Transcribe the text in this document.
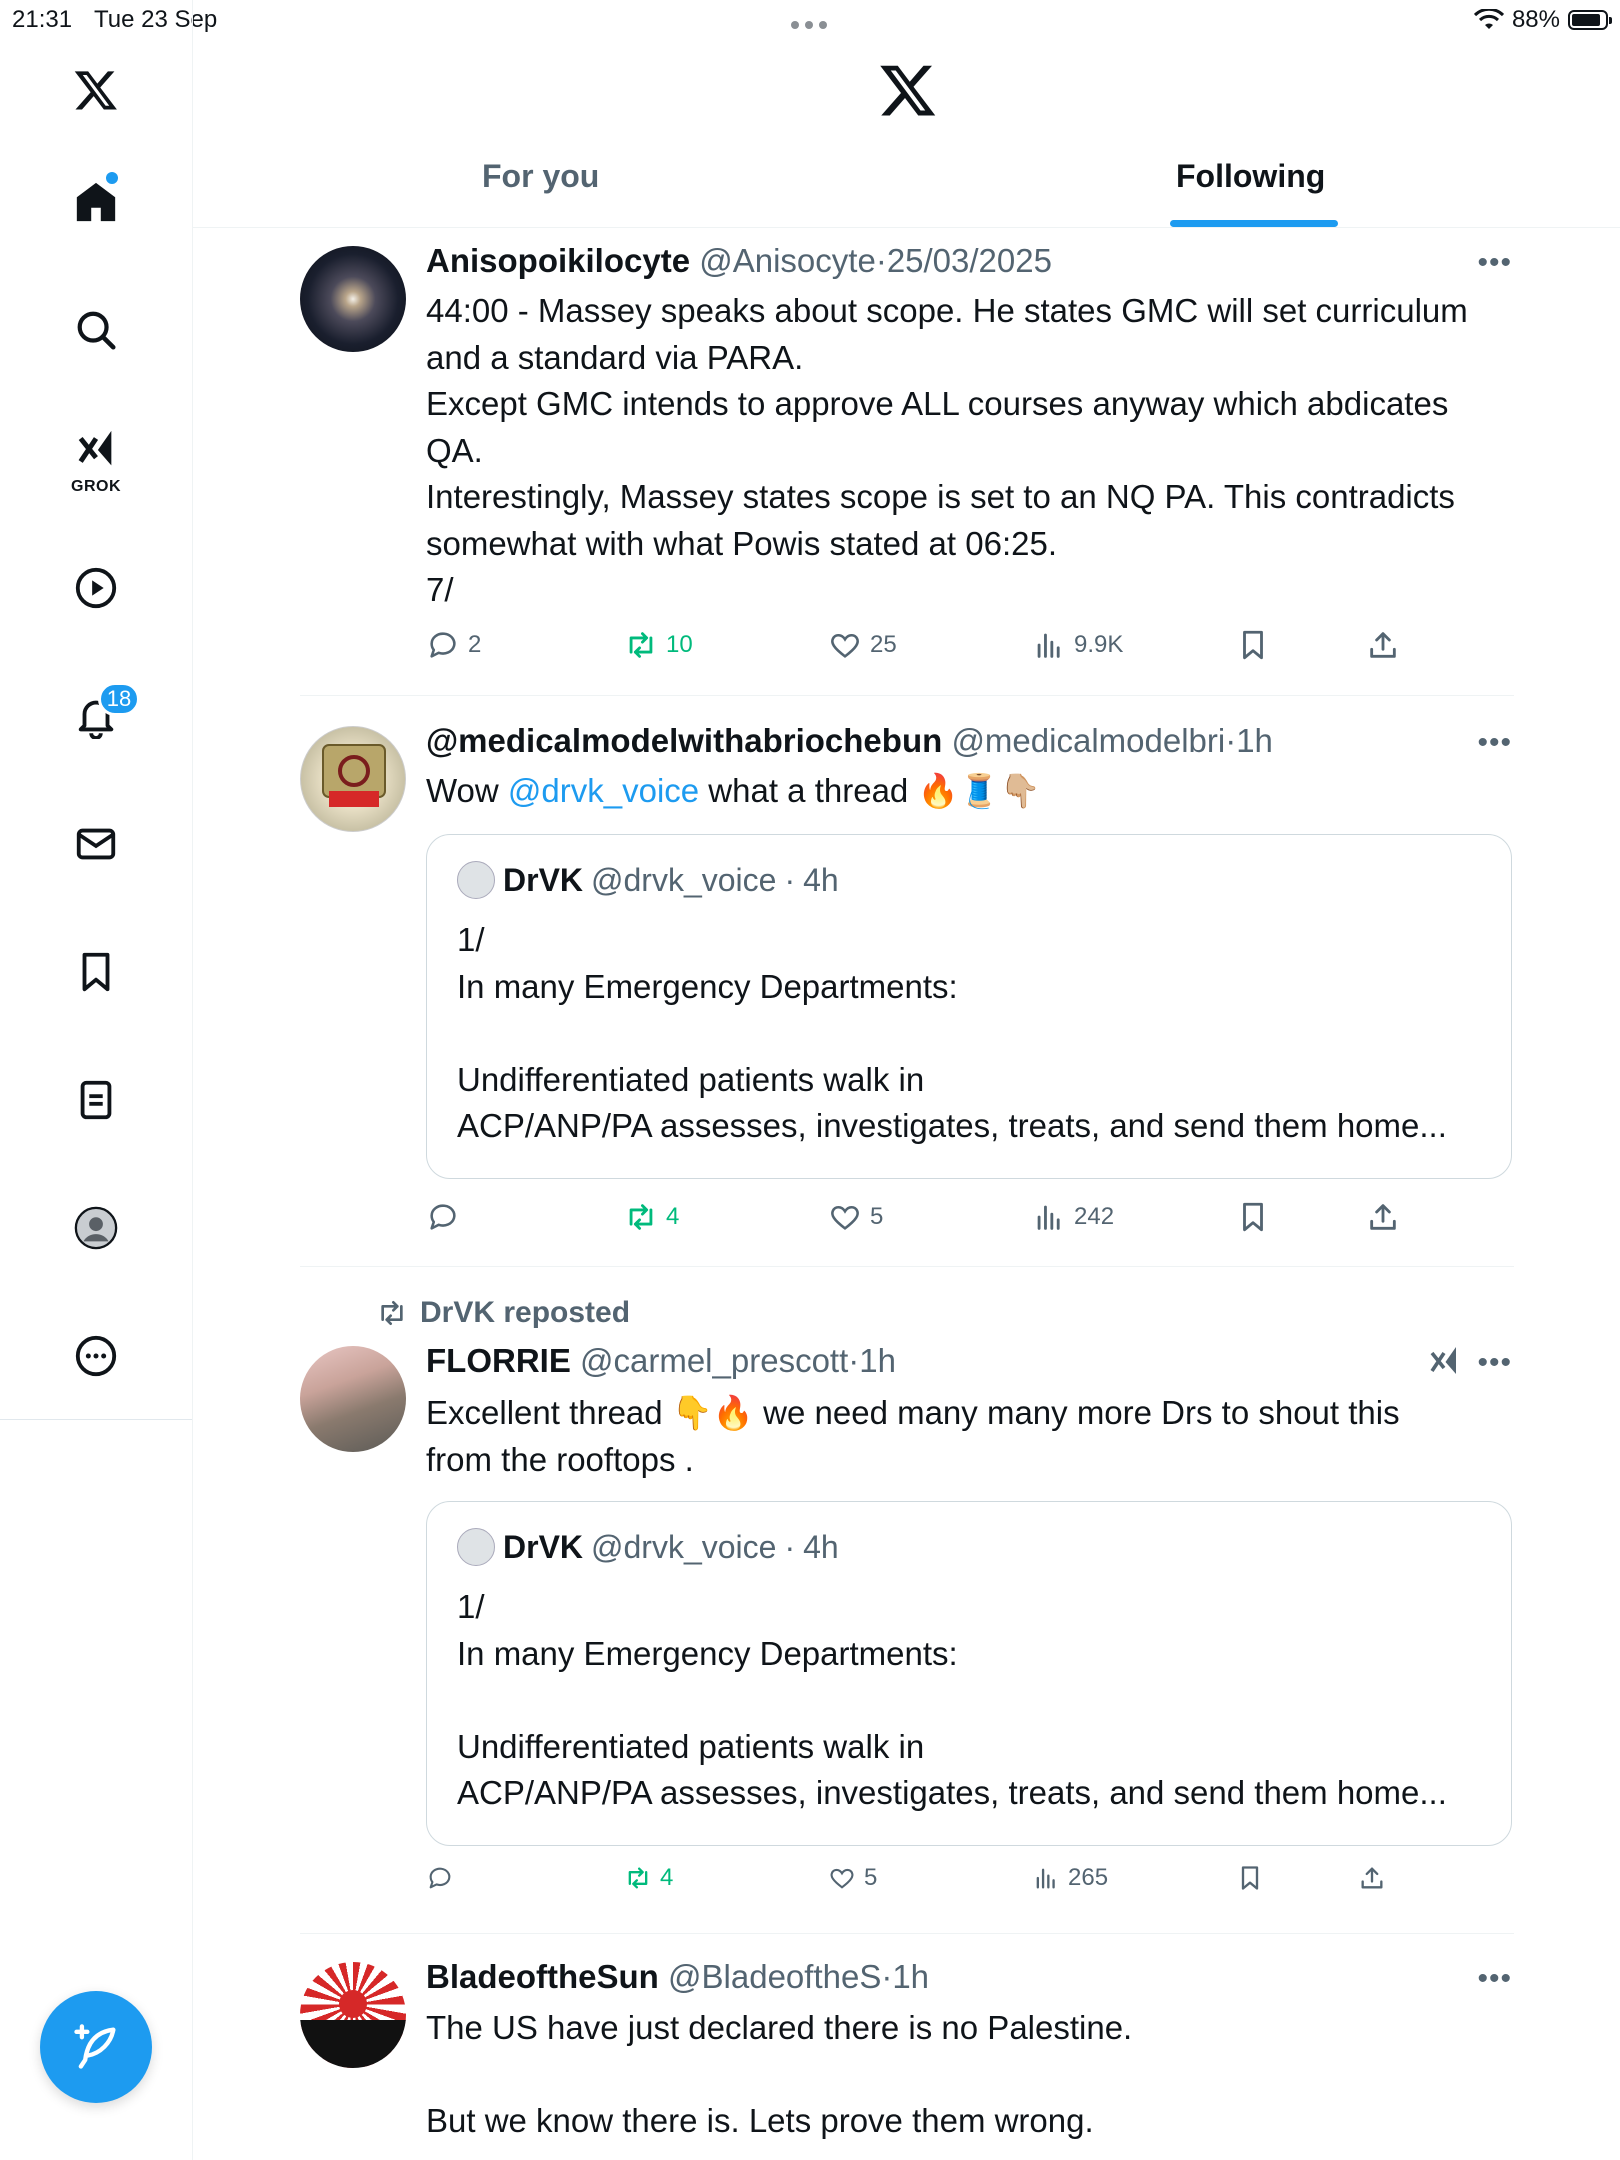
21:31 Tue 23 Sep	88%
GROK
18
For you	Following
Anisopoikilocyte @Anisocyte·25/03/2025	•••
44:00 - Massey speaks about scope. He states GMC will set curriculum
and a standard via PARA.
Except GMC intends to approve ALL courses anyway which abdicates
QA.
Interestingly, Massey states scope is set to an NQ PA. This contradicts
somewhat with what Powis stated at 06:25.
7/
2	10	25	9.9K
@medicalmodelwithabriochebun @medicalmodelbri·1h	•••
Wow @drvk_voice what a thread 🔥🧵👇🏼
DrVK @drvk_voice · 4h
1/
In many Emergency Departments:

Undifferentiated patients walk in
ACP/ANP/PA assesses, investigates, treats, and send them home...
4	5	242
DrVK reposted
FLORRIE @carmel_prescott·1h	•••
Excellent thread 👇🔥 we need many many more Drs to shout this
from the rooftops .
DrVK @drvk_voice · 4h
1/
In many Emergency Departments:

Undifferentiated patients walk in
ACP/ANP/PA assesses, investigates, treats, and send them home...
4	5	265
BladeoftheSun @BladeoftheS·1h	•••
The US have just declared there is no Palestine.

But we know there is. Lets prove them wrong.
